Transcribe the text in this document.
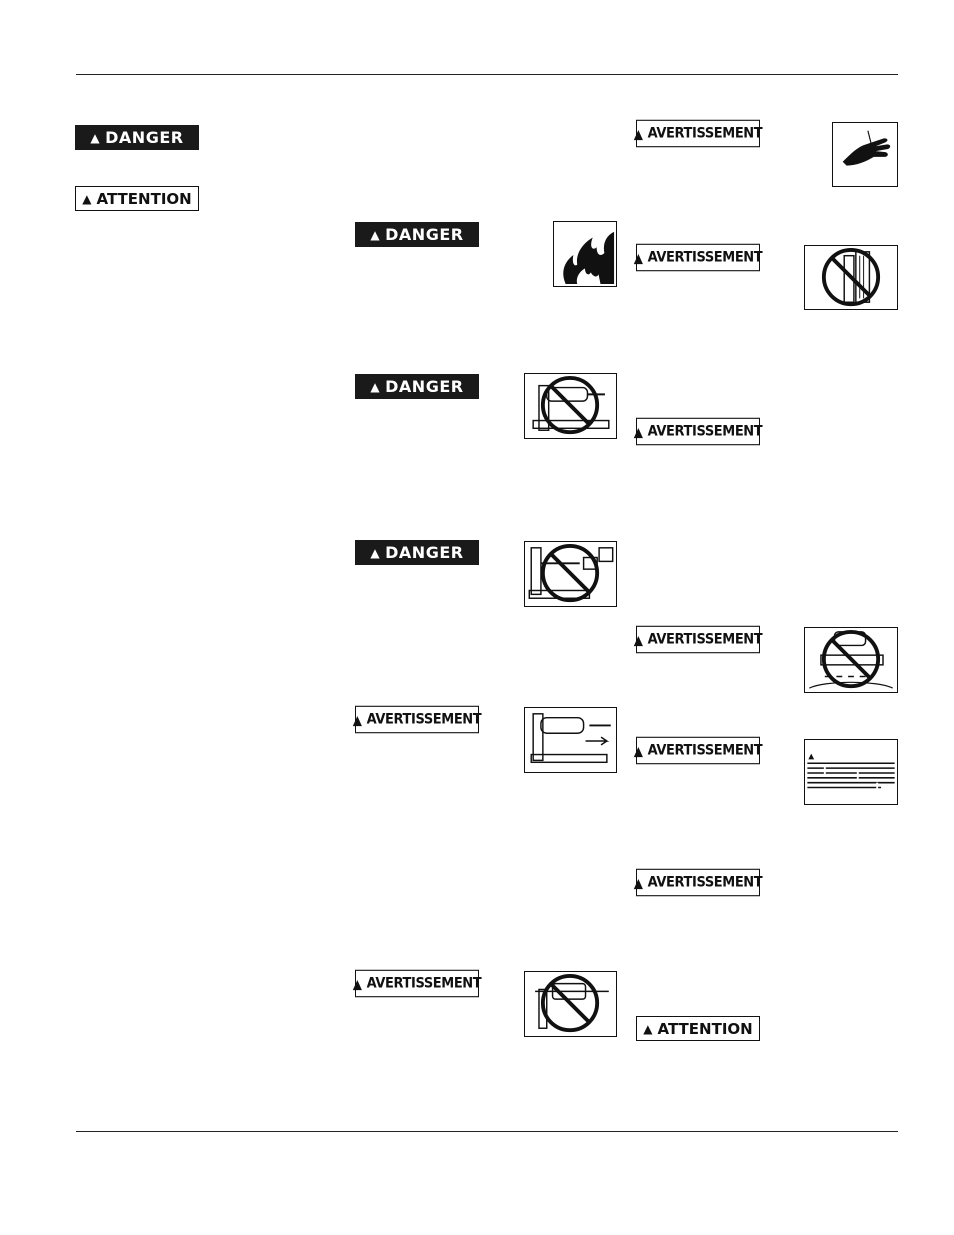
▲ DANGER
▲ ATTENTION
▲ DANGER
▲ DANGER
▲ DANGER
▲ AVERTISSEMENT
▲ AVERTISSEMENT
▲ AVERTISSEMENT
▲ AVERTISSEMENT
▲ AVERTISSEMENT
▲ AVERTISSEMENT
▲ AVERTISSEMENT
▲ AVERTISSEMENT
▲ ATTENTION
